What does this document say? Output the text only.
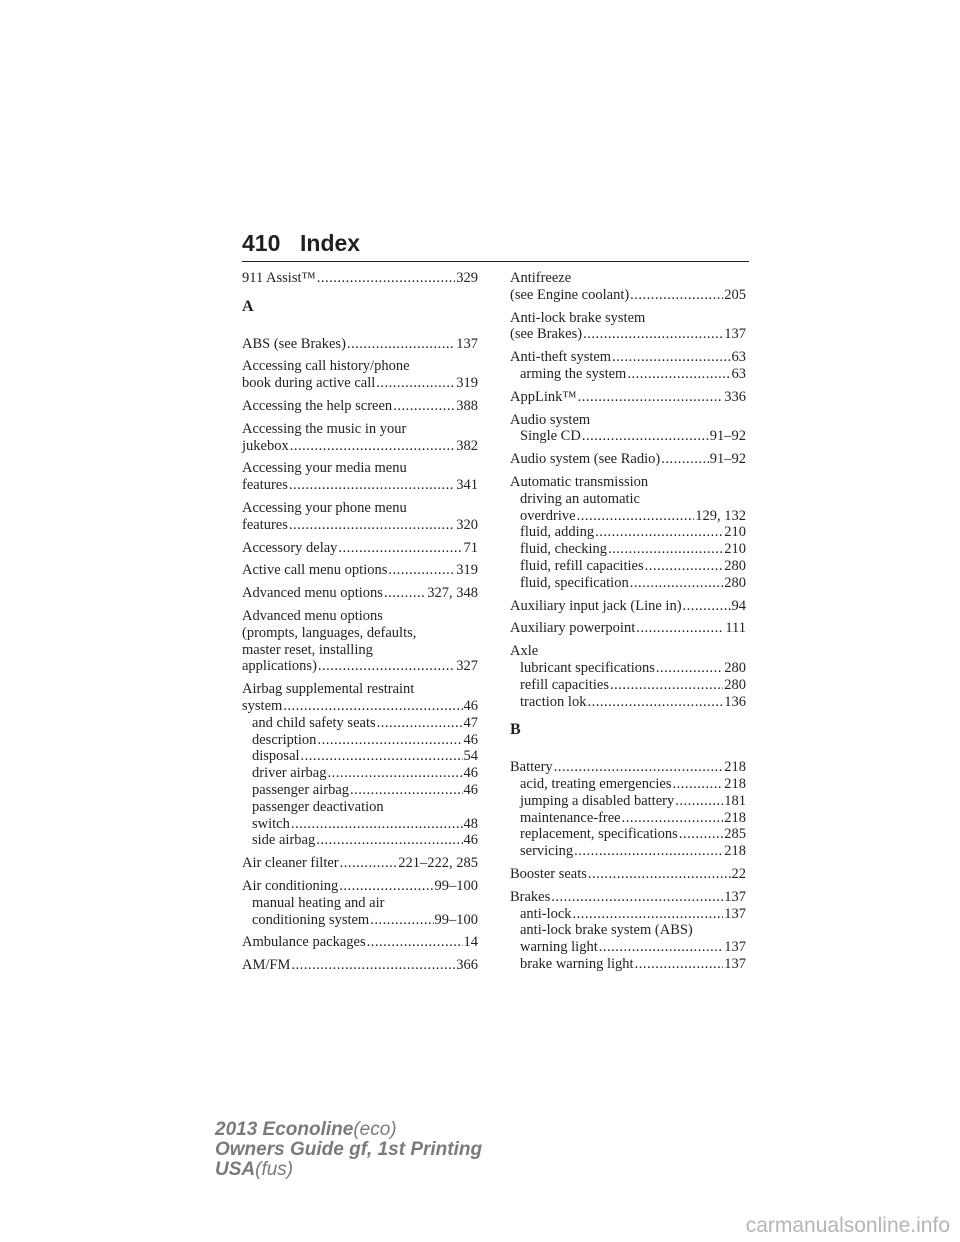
410 Index
911 Assist™ .....	329
A
ABS (see Brakes) .....	137
Accessing call history/phone
book during active call .....	319
Accessing the help screen .....	388
Accessing the music in your
jukebox .....	382
Accessing your media menu
features .....	341
Accessing your phone menu
features .....	320
Accessory delay .....	71
Active call menu options .....	319
Advanced menu options .....	327, 348
Advanced menu options
(prompts, languages, defaults,
master reset, installing
applications) .....	327
Airbag supplemental restraint
system .....	46
and child safety seats .....	47
description .....	46
disposal .....	54
driver airbag .....	46
passenger airbag .....	46
passenger deactivation
switch .....	48
side airbag .....	46
Air cleaner filter .....	221–222, 285
Air conditioning .....	99–100
manual heating and air
conditioning system .....	99–100
Ambulance packages .....	14
AM/FM .....	366
Antifreeze
(see Engine coolant) .....	205
Anti-lock brake system
(see Brakes) .....	137
Anti-theft system .....	63
arming the system .....	63
AppLink™ .....	336
Audio system
Single CD .....	91–92
Audio system (see Radio) .....	91–92
Automatic transmission
driving an automatic
overdrive .....	129, 132
fluid, adding .....	210
fluid, checking .....	210
fluid, refill capacities .....	280
fluid, specification .....	280
Auxiliary input jack (Line in) .....	94
Auxiliary powerpoint .....	111
Axle
lubricant specifications .....	280
refill capacities .....	280
traction lok .....	136
B
Battery .....	218
acid, treating emergencies .....	218
jumping a disabled battery .....	181
maintenance-free .....	218
replacement, specifications .....	285
servicing .....	218
Booster seats .....	22
Brakes .....	137
anti-lock .....	137
anti-lock brake system (ABS)
warning light .....	137
brake warning light .....	137
2013 Econoline(eco)
Owners Guide gf, 1st Printing
USA(fus)
carmanualsonline.info
